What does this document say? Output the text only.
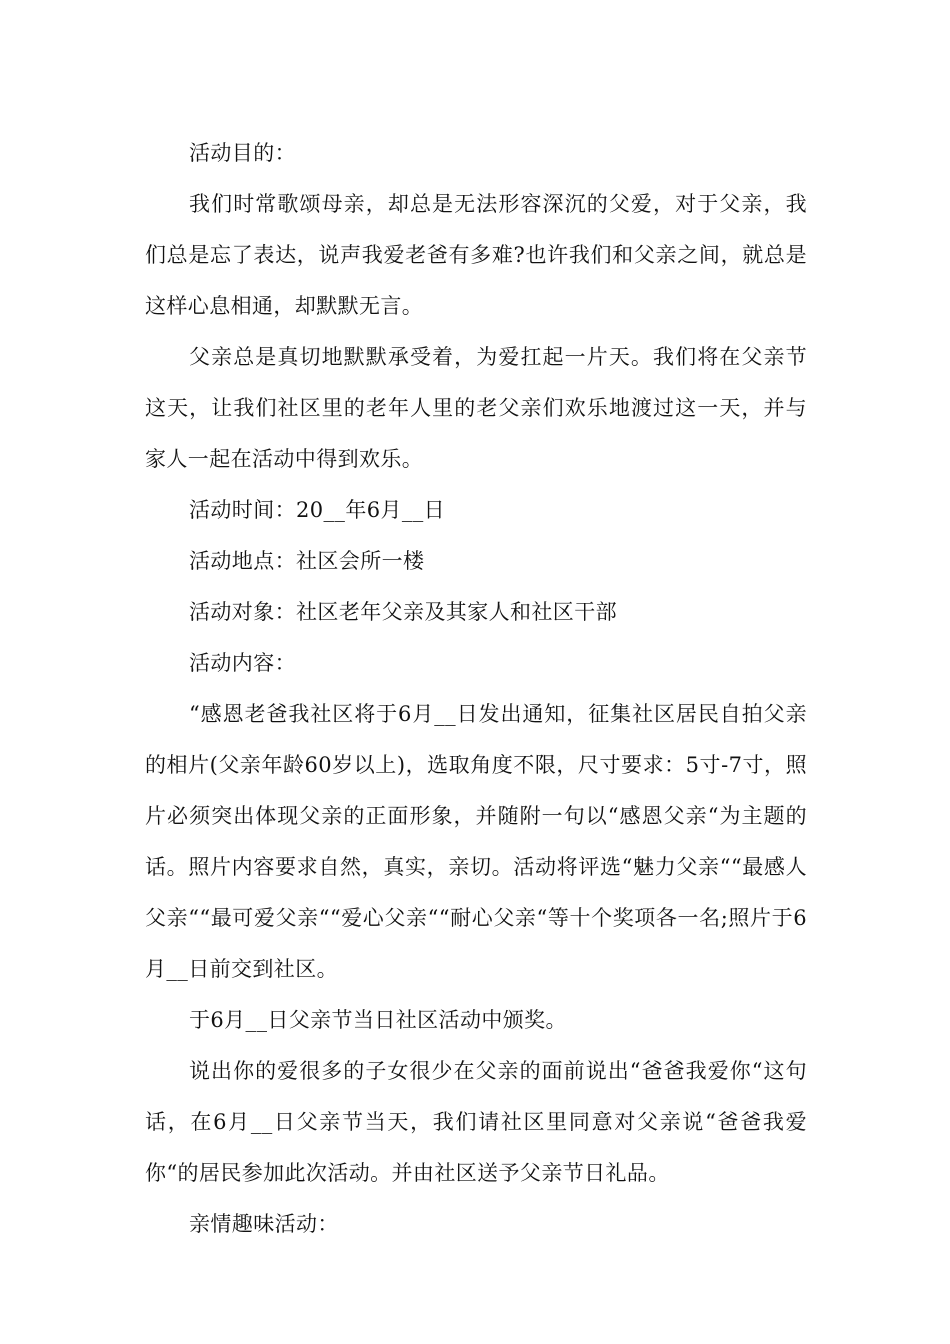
活动目的：

我们时常歌颂母亲，却总是无法形容深沉的父爱，对于父亲，我们总是忘了表达，说声我爱老爸有多难?也许我们和父亲之间，就总是这样心息相通，却默默无言。

父亲总是真切地默默承受着，为爱扛起一片天。我们将在父亲节这天，让我们社区里的老年人里的老父亲们欢乐地渡过这一天，并与家人一起在活动中得到欢乐。

活动时间：20__年6月__日

活动地点：社区会所一楼

活动对象：社区老年父亲及其家人和社区干部

活动内容：

“感恩老爸我社区将于6月__日发出通知，征集社区居民自拍父亲的相片(父亲年龄60岁以上)，选取角度不限，尺寸要求：5寸-7寸，照片必须突出体现父亲的正面形象，并随附一句以“感恩父亲“为主题的话。照片内容要求自然，真实，亲切。活动将评选“魅力父亲““最感人父亲““最可爱父亲““爱心父亲““耐心父亲“等十个奖项各一名;照片于6月__日前交到社区。

于6月__日父亲节当日社区活动中颁奖。

说出你的爱很多的子女很少在父亲的面前说出“爸爸我爱你“这句话，在6月__日父亲节当天，我们请社区里同意对父亲说“爸爸我爱你“的居民参加此次活动。并由社区送予父亲节日礼品。

亲情趣味活动：
